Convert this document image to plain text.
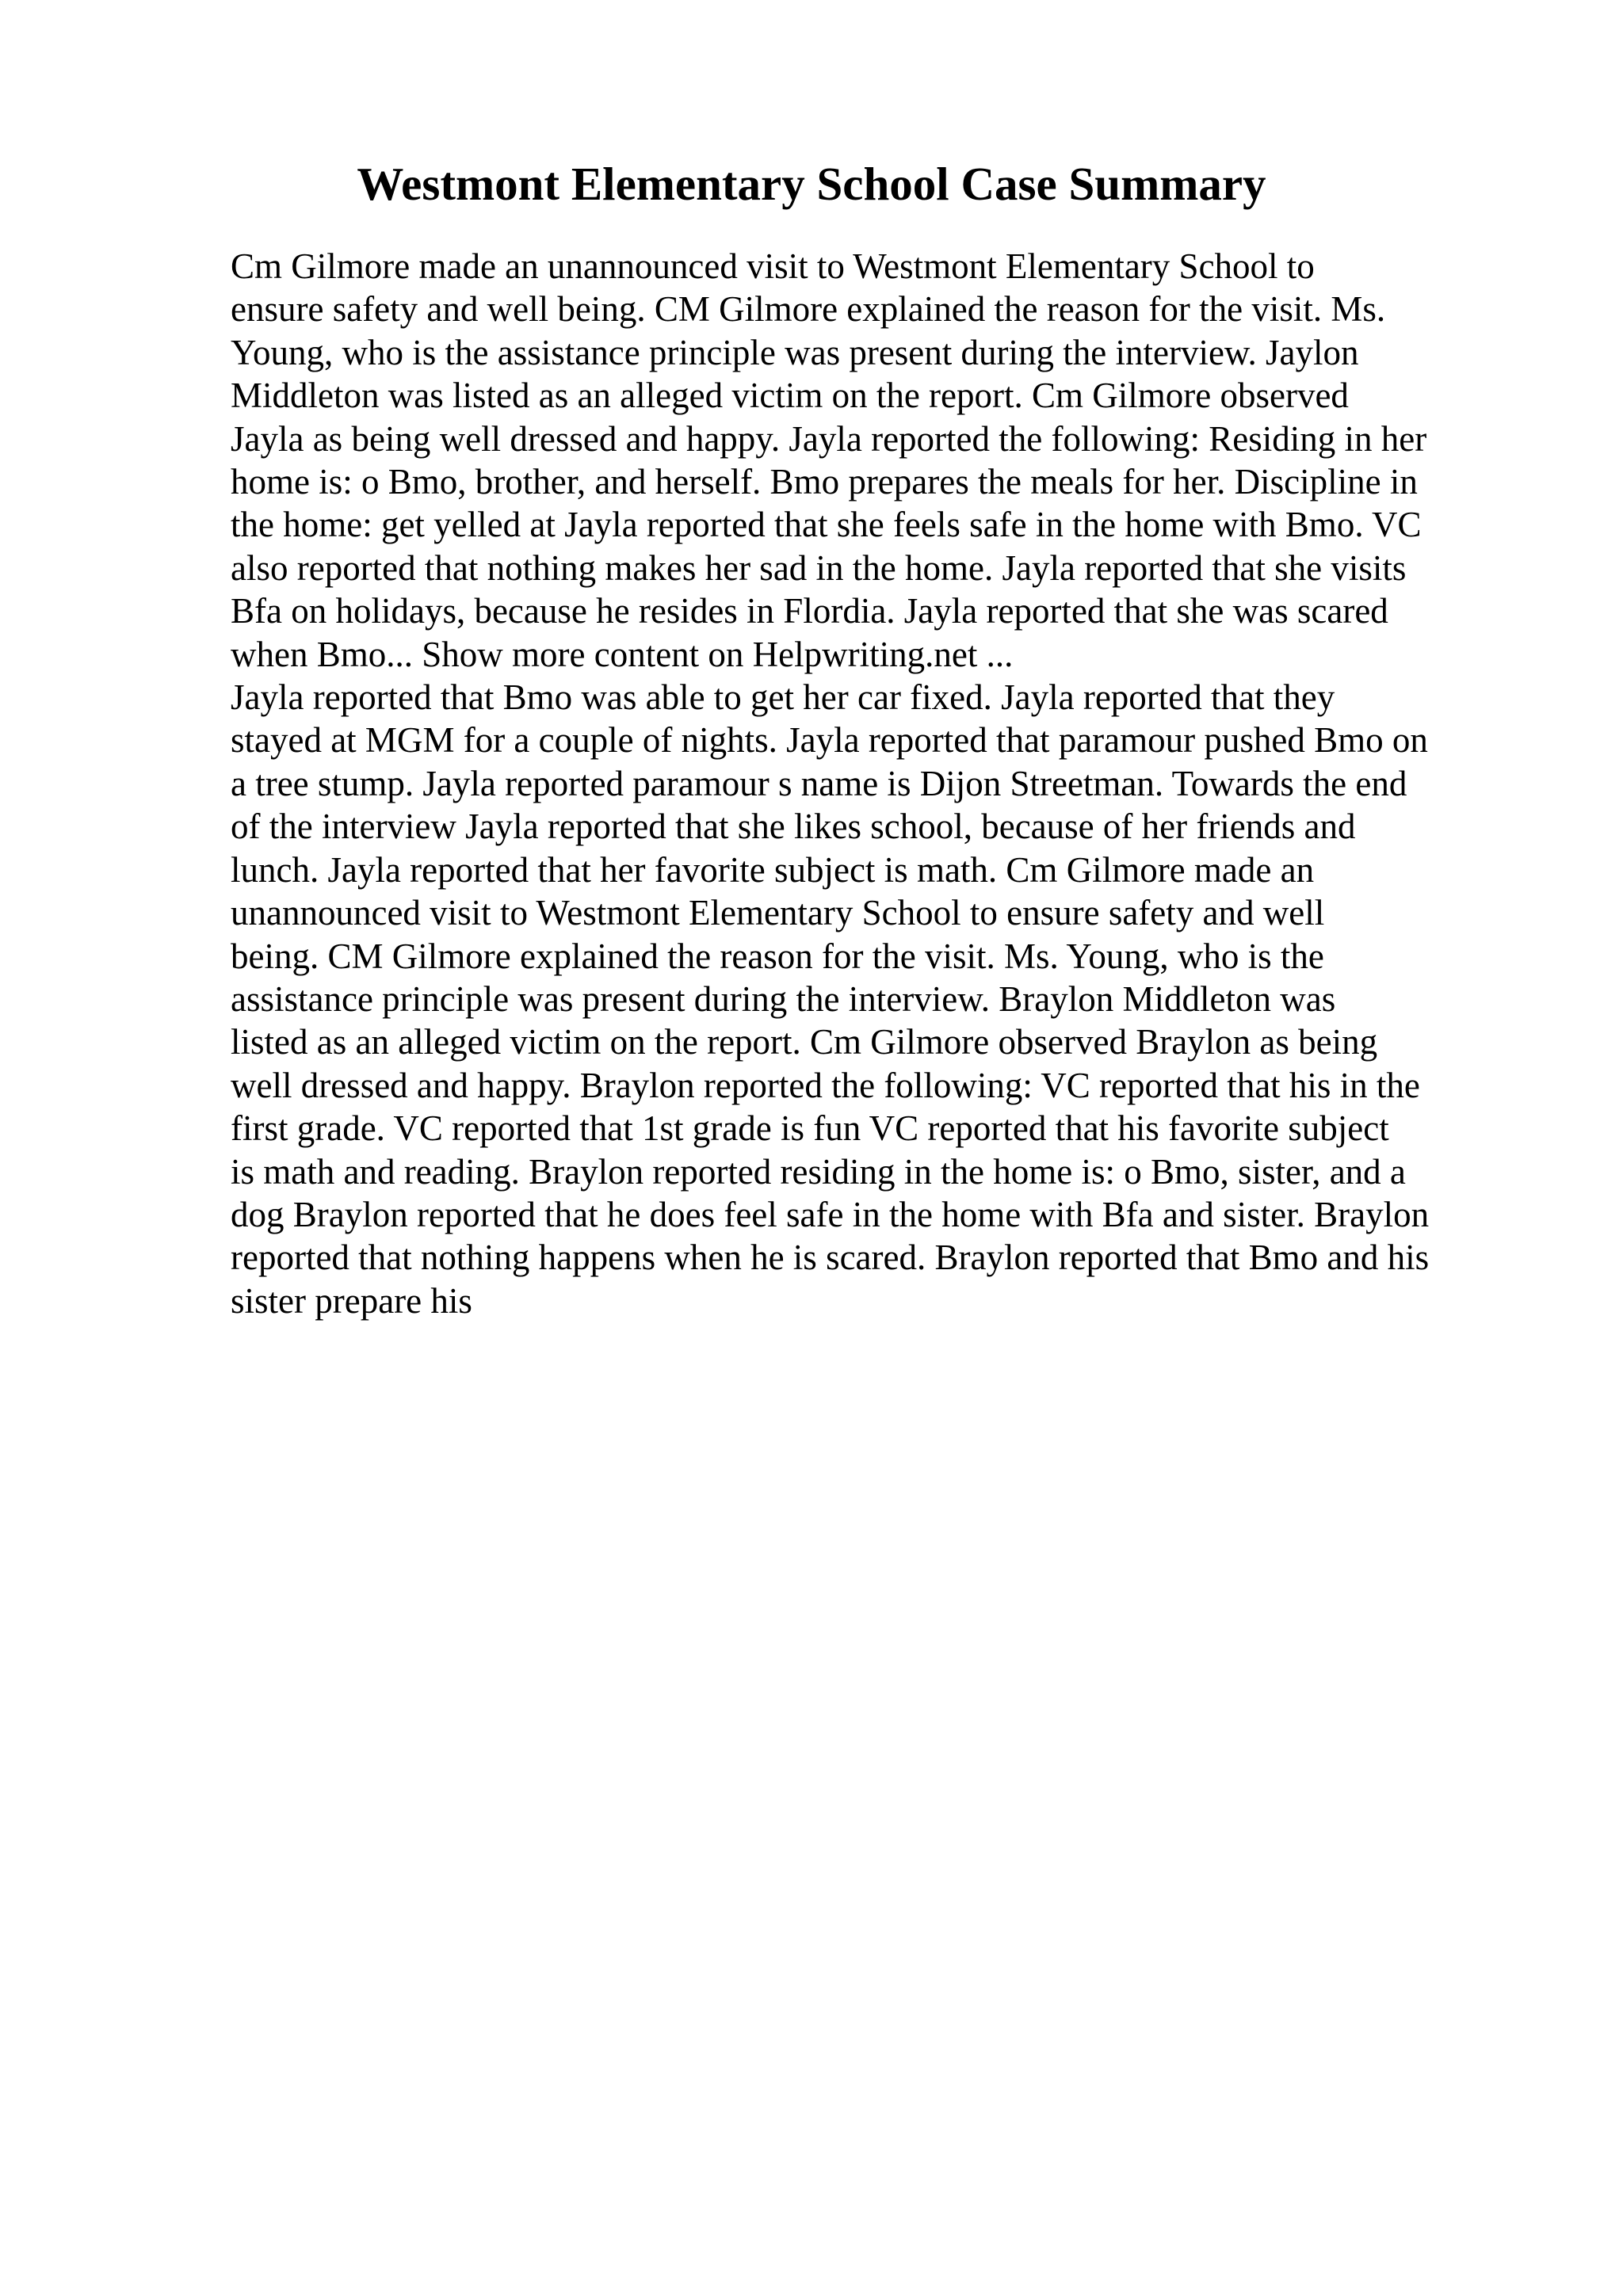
Westmont Elementary School Case Summary
Cm Gilmore made an unannounced visit to Westmont Elementary School to
ensure safety and well being. CM Gilmore explained the reason for the visit. Ms.
Young, who is the assistance principle was present during the interview. Jaylon
Middleton was listed as an alleged victim on the report. Cm Gilmore observed
Jayla as being well dressed and happy. Jayla reported the following: Residing in her
home is: o Bmo, brother, and herself. Bmo prepares the meals for her. Discipline in
the home: get yelled at Jayla reported that she feels safe in the home with Bmo. VC
also reported that nothing makes her sad in the home. Jayla reported that she visits
Bfa on holidays, because he resides in Flordia. Jayla reported that she was scared
when Bmo... Show more content on Helpwriting.net ...
Jayla reported that Bmo was able to get her car fixed. Jayla reported that they
stayed at MGM for a couple of nights. Jayla reported that paramour pushed Bmo on
a tree stump. Jayla reported paramour s name is Dijon Streetman. Towards the end
of the interview Jayla reported that she likes school, because of her friends and
lunch. Jayla reported that her favorite subject is math. Cm Gilmore made an
unannounced visit to Westmont Elementary School to ensure safety and well
being. CM Gilmore explained the reason for the visit. Ms. Young, who is the
assistance principle was present during the interview. Braylon Middleton was
listed as an alleged victim on the report. Cm Gilmore observed Braylon as being
well dressed and happy. Braylon reported the following: VC reported that his in the
first grade. VC reported that 1st grade is fun VC reported that his favorite subject
is math and reading. Braylon reported residing in the home is: o Bmo, sister, and a
dog Braylon reported that he does feel safe in the home with Bfa and sister. Braylon
reported that nothing happens when he is scared. Braylon reported that Bmo and his
sister prepare his
